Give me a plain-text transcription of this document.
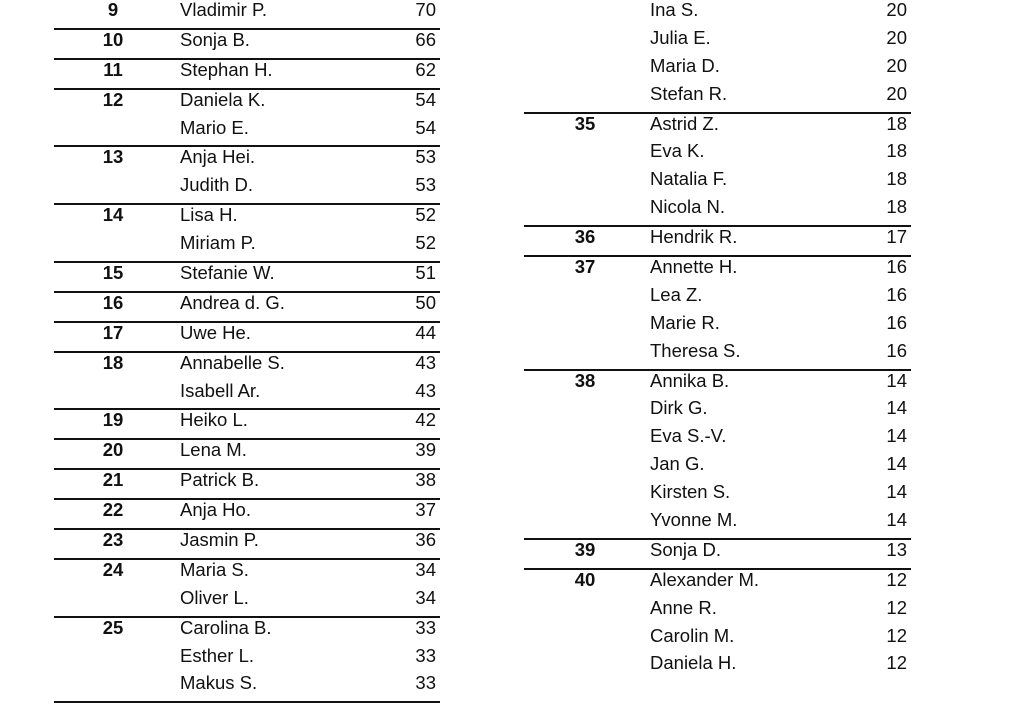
9	Vladimir P.	70
10	Sonja B.	66
11	Stephan H.	62
12	Daniela K.	54
Mario E.	54
13	Anja Hei.	53
Judith D.	53
14	Lisa H.	52
Miriam P.	52
15	Stefanie W.	51
16	Andrea d. G.	50
17	Uwe He.	44
18	Annabelle S.	43
Isabell Ar.	43
19	Heiko L.	42
20	Lena M.	39
21	Patrick B.	38
22	Anja Ho.	37
23	Jasmin P.	36
24	Maria S.	34
Oliver L.	34
25	Carolina B.	33
Esther L.	33
Makus S.	33
Ina S.	20
Julia E.	20
Maria D.	20
Stefan R.	20
35	Astrid Z.	18
Eva K.	18
Natalia F.	18
Nicola N.	18
36	Hendrik R.	17
37	Annette H.	16
Lea Z.	16
Marie R.	16
Theresa S.	16
38	Annika B.	14
Dirk G.	14
Eva S.-V.	14
Jan G.	14
Kirsten S.	14
Yvonne M.	14
39	Sonja D.	13
40	Alexander M.	12
Anne R.	12
Carolin M.	12
Daniela H.	12
